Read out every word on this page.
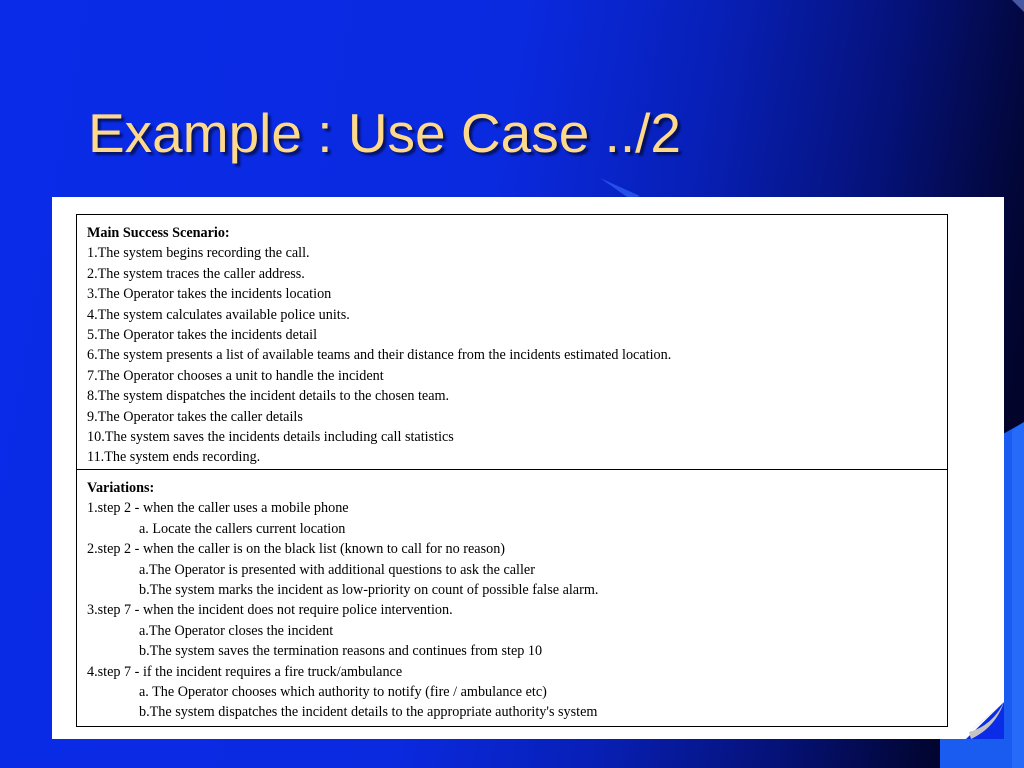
Example : Use Case ../2
Main Success Scenario:
1.The system begins recording the call.
2.The system traces the caller address.
3.The Operator takes the incidents location
4.The system calculates available police units.
5.The Operator takes the incidents detail
6.The system presents a list of available teams and their distance from the incidents estimated location.
7.The Operator chooses a unit to handle the incident
8.The system dispatches the incident details to the chosen team.
9.The Operator takes the caller details
10.The system saves the incidents details including call statistics
11.The system ends recording.
Variations:
1.step 2 - when the caller uses a mobile phone
a. Locate the callers current location
2.step 2 - when the caller is on the black list (known to call for no reason)
a.The Operator is presented with additional questions to ask the caller
b.The system marks the incident as low-priority on count of possible false alarm.
3.step 7 - when the incident does not require police intervention.
a.The Operator closes the incident
b.The system saves the termination reasons and continues from step 10
4.step 7 - if the incident requires a fire truck/ambulance
a. The Operator chooses which authority to notify (fire / ambulance etc)
b.The system dispatches the incident details to the appropriate authority's system
